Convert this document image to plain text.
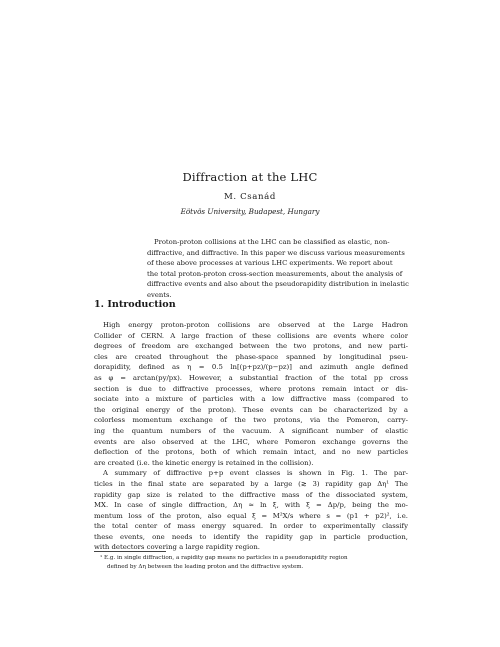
Diffraction at the LHC
M. Csanád
Eötvös University, Budapest, Hungary
Proton-proton collisions at the LHC can be classified as elastic, non-
diffractive, and diffractive. In this paper we discuss various measurements
of these above processes at various LHC experiments. We report about
the total proton-proton cross-section measurements, about the analysis of
diffractive events and also about the pseudorapidity distribution in inelastic
events.
1. Introduction
High energy proton-proton collisions are observed at the Large Hadron
Collider of CERN. A large fraction of these collisions are events where color
degrees of freedom are exchanged between the two protons, and new parti-
cles are created throughout the phase-space spanned by longitudinal pseu-
dorapidity, defined as η = 0.5 ln[(p+pz)/(p−pz)] and azimuth angle defined
as φ = arctan(py/px). However, a substantial fraction of the total pp cross
section is due to diffractive processes, where protons remain intact or dis-
sociate into a mixture of particles with a low diffractive mass (compared to
the original energy of the proton). These events can be characterized by a
colorless momentum exchange of the two protons, via the Pomeron, carry-
ing the quantum numbers of the vacuum. A significant number of elastic
events are also observed at the LHC, where Pomeron exchange governs the
deflection of the protons, both of which remain intact, and no new particles
are created (i.e. the kinetic energy is retained in the collision).
A summary of diffractive p+p event classes is shown in Fig. 1. The par-
ticles in the final state are separated by a large (≳ 3) rapidity gap Δη¹ The
rapidity gap size is related to the diffractive mass of the dissociated system,
MX. In case of single diffraction, Δη ≈ ln ξ, with ξ = Δp/p, being the mo-
mentum loss of the proton, also equal ξ = M²X/s where s = (p1 + p2)², i.e.
the total center of mass energy squared. In order to experimentally classify
these events, one needs to identify the rapidity gap in particle production,
with detectors covering a large rapidity region.
¹ E.g. in single diffraction, a rapidity gap means no particles in a pseudorapidity region
defined by Δη between the leading proton and the diffractive system.
